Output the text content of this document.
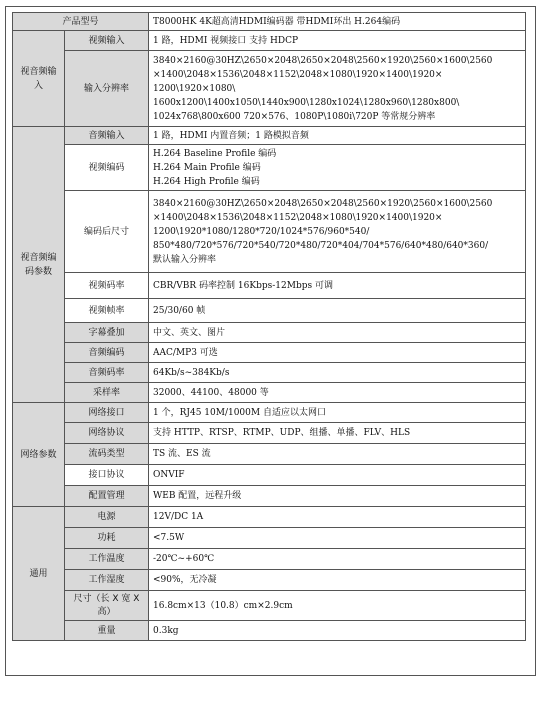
产品型号		T8000HK 4K超高清HDMI编码器 带HDMI环出 H.264编码
视音频输入	视频输入	1 路，HDMI 视频接口 支持 HDCP

	输入分辨率	3840×2160@30HZ\2650×2048\2650×2048\2560×1920\2560×1600\2560
×1400\2048×1536\2048×1152\2048×1080\1920×1400\1920×
1200\1920×1080\
1600x1200\1400x1050\1440x900\1280x1024\1280x960\1280x800\
1024x768\800x600 720×576、1080P\1080i\720P 等常规分辨率

视音频编码参数	音频输入	1 路，HDMI 内置音频；1 路模拟音频

	视频编码	H.264 Baseline Profile 编码
H.264 Main Profile 编码
H.264 High Profile 编码

	编码后尺寸	3840×2160@30HZ\2650×2048\2650×2048\2560×1920\2560×1600\2560
×1400\2048×1536\2048×1152\2048×1080\1920×1400\1920×
1200\1920*1080/1280*720/1024*576/960*540/
850*480/720*576/720*540/720*480/720*404/704*576/640*480/640*360/
默认输入分辨率

	视频码率	CBR/VBR 码率控制 16Kbps-12Mbps 可调

	视频帧率	25/30/60 帧

	字幕叠加	中文、英文、图片

	音频编码	AAC/MP3 可选

	音频码率	64Kb/s~384Kb/s

	采样率	32000、44100、48000 等

网络参数	网络接口	1 个，RJ45 10M/1000M 自适应以太网口

	网络协议	支持 HTTP、RTSP、RTMP、UDP、组播、单播、FLV、HLS

	流码类型	TS 流、ES 流

	接口协议	ONVIF

	配置管理	WEB 配置，远程升级

通用	电源	12V/DC 1A

	功耗	<7.5W

	工作温度	-20℃~+60℃

	工作湿度	<90%，无冷凝

	尺寸（长 X 宽 X 高）	16.8cm×13（10.8）cm×2.9cm

	重量	0.3kg
